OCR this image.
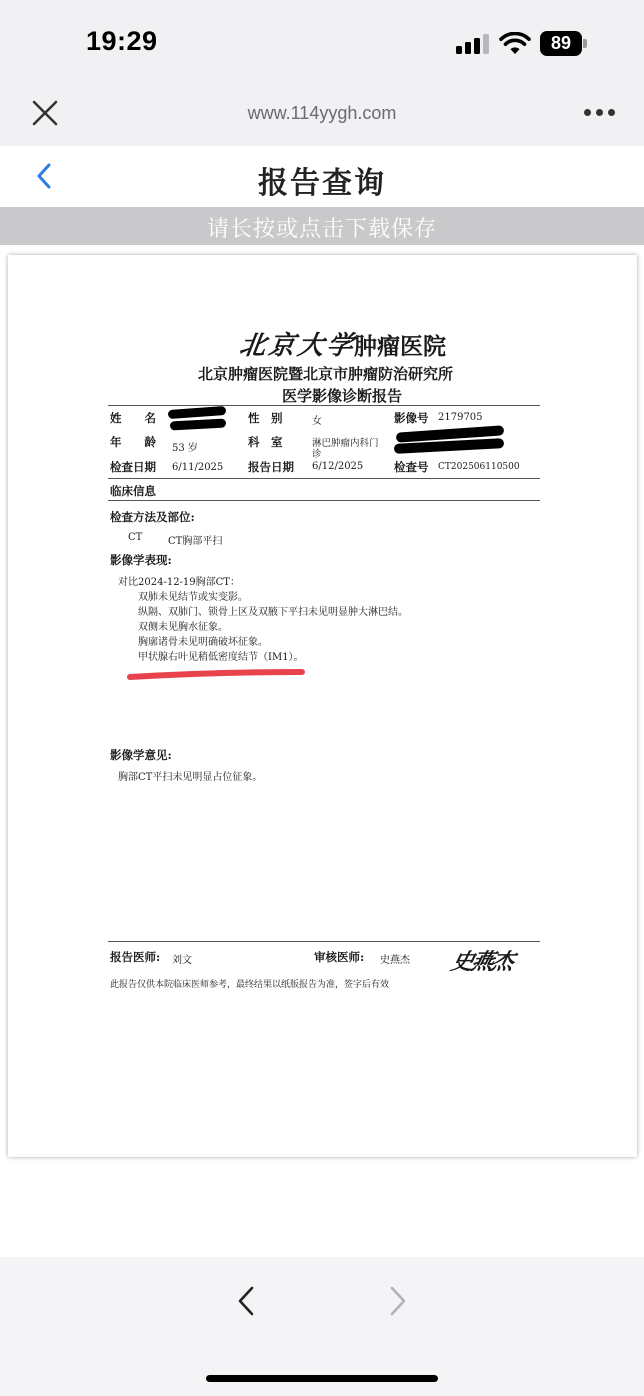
19:29	89
www.114yygh.com
报告查询
请长按或点击下载保存
北京大学
肿瘤医院
北京肿瘤医院暨北京市肿瘤防治研究所
医学影像诊断报告
姓　　名	性　别	女	影像号 2179705
年　　龄 53 岁	科　室	淋巴肿瘤内科门
诊
检查日期 6/11/2025 报告日期 6/12/2025	检查号 CT202506110500
临床信息
检查方法及部位:
CT	CT胸部平扫
影像学表现:
对比2024-12-19胸部CT：
双肺未见结节或实变影。
纵隔、双肺门、锁骨上区及双腋下平扫未见明显肿大淋巴结。
双侧未见胸水征象。
胸廓诸骨未见明确破坏征象。
甲状腺右叶见稍低密度结节（IM1）。
影像学意见:
胸部CT平扫未见明显占位征象。
报告医师: 刘文	审核医师: 史燕杰 史燕杰
此报告仅供本院临床医师参考，最终结果以纸版报告为准，签字后有效
